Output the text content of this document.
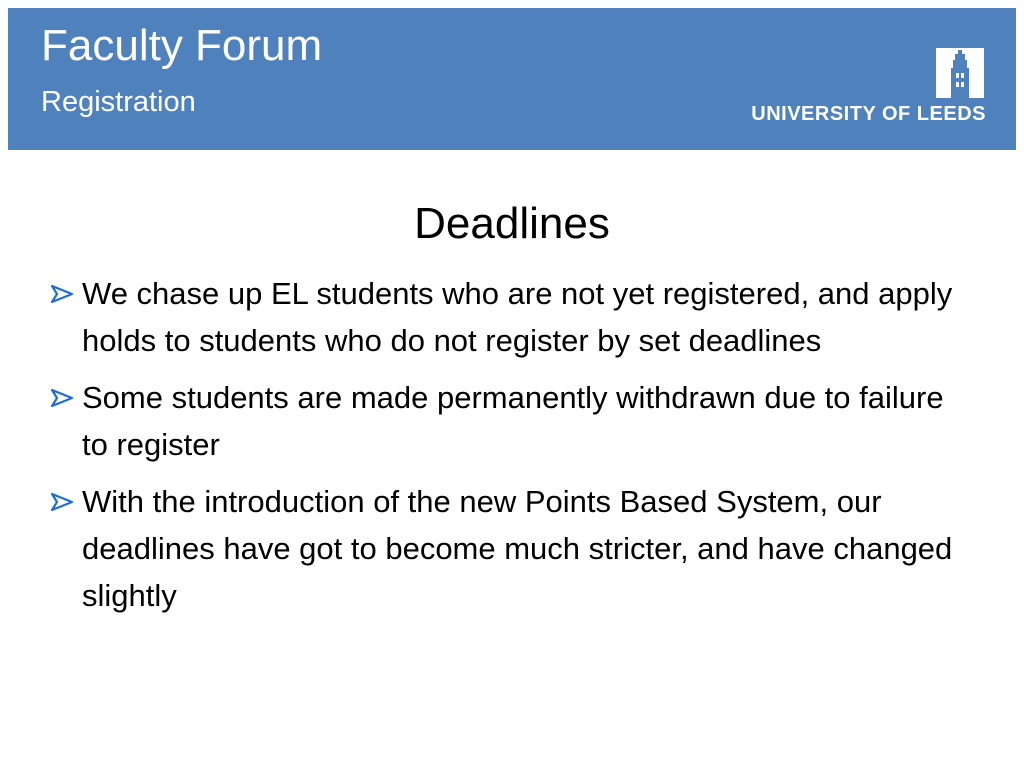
Faculty Forum
Registration	UNIVERSITY OF LEEDS
Deadlines
We chase up EL students who are not yet registered, and apply holds to students who do not register by set deadlines
Some students are made permanently withdrawn due to failure to register
With the introduction of the new Points Based System, our deadlines have got to become much stricter, and have changed slightly
